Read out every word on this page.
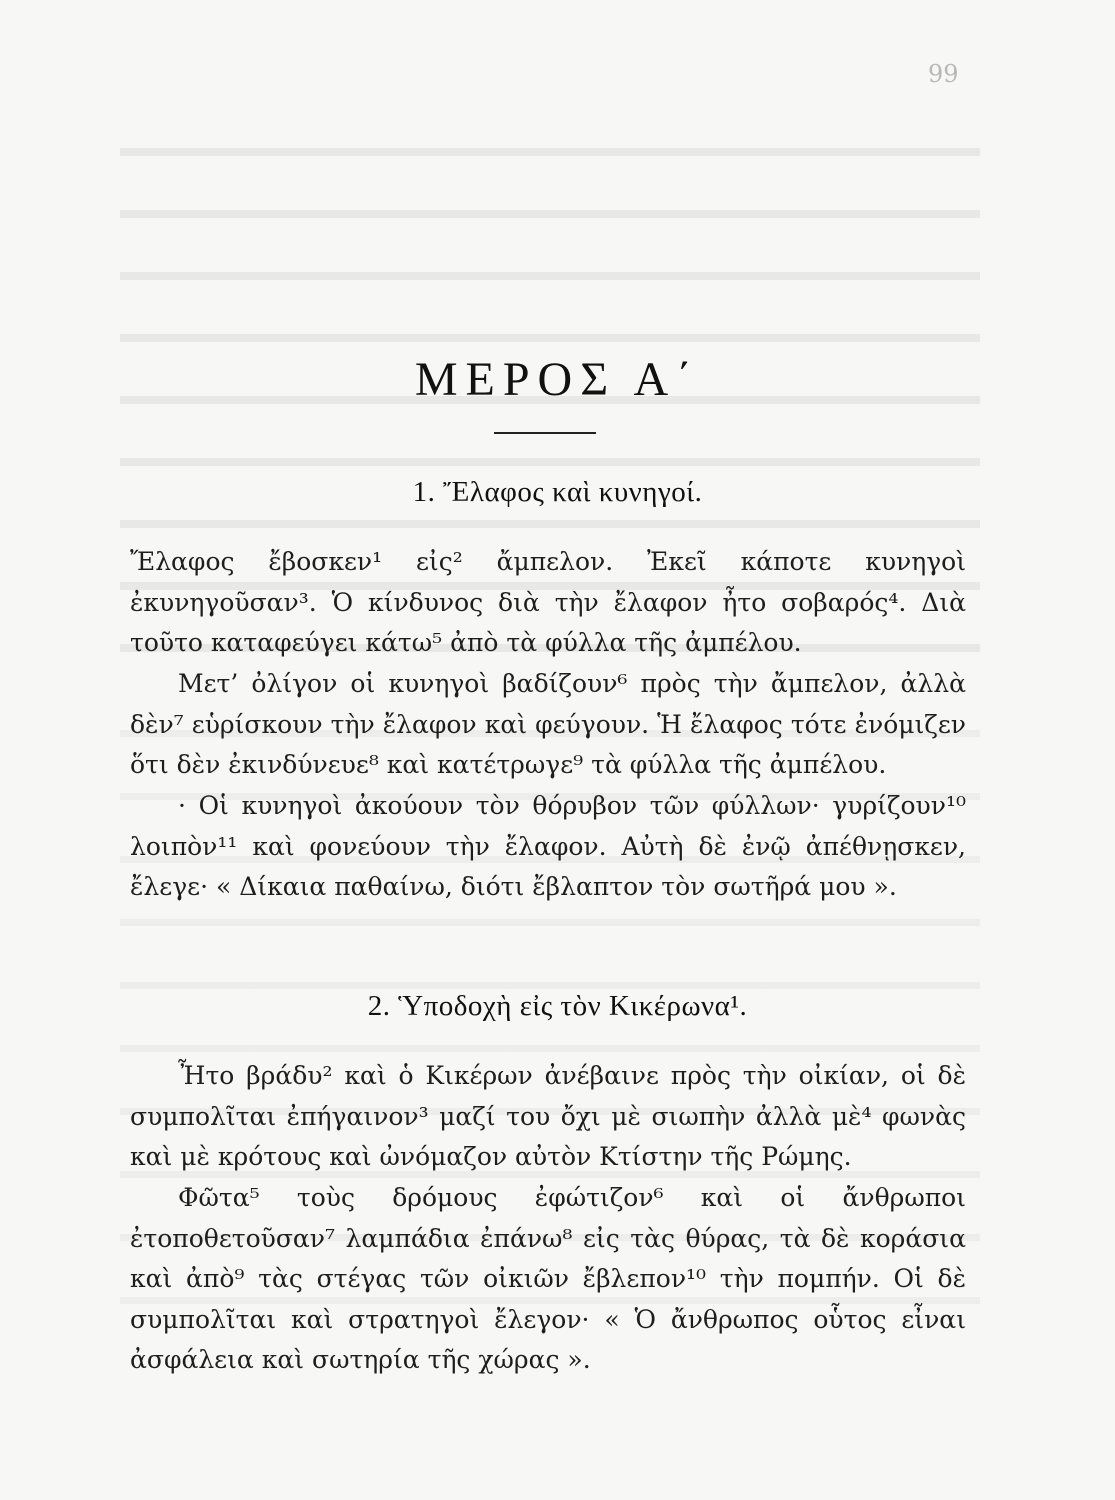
99
ΜΕΡΟΣ Α΄
1. Ἔλαφος καὶ κυνηγοί.

Ἔλαφος ἔβοσκεν¹ εἰς² ἄμπελον. Ἐκεῖ κάποτε κυνηγοὶ ἐκυνηγοῦσαν³. Ὁ κίνδυνος διὰ τὴν ἔλαφον ἦτο σοβαρός⁴. Διὰ τοῦτο καταφεύγει κάτω⁵ ἀπὸ τὰ φύλλα τῆς ἀμπέλου.

Μετ’ ὀλίγον οἱ κυνηγοὶ βαδίζουν⁶ πρὸς τὴν ἄμπελον, ἀλλὰ δὲν⁷ εὑρίσκουν τὴν ἔλαφον καὶ φεύγουν. Ἡ ἔλαφος τότε ἐνόμιζεν ὅτι δὲν ἐκινδύνευε⁸ καὶ κατέτρωγε⁹ τὰ φύλλα τῆς ἀμπέλου.

· Οἱ κυνηγοὶ ἀκούουν τὸν θόρυβον τῶν φύλλων· γυρίζουν¹⁰ λοιπὸν¹¹ καὶ φονεύουν τὴν ἔλαφον. Αὐτὴ δὲ ἐνῷ ἀπέθνῃσκεν, ἔλεγε· « Δίκαια παθαίνω, διότι ἔβλαπτον τὸν σωτῆρά μου ».

2. Ὑποδοχὴ εἰς τὸν Κικέρωνα¹.

Ἦτο βράδυ² καὶ ὁ Κικέρων ἀνέβαινε πρὸς τὴν οἰκίαν, οἱ δὲ συμπολῖται ἐπήγαινον³ μαζί του ὄχι μὲ σιωπὴν ἀλλὰ μὲ⁴ φωνὰς καὶ μὲ κρότους καὶ ὠνόμαζον αὐτὸν Κτίστην τῆς Ρώμης.

Φῶτα⁵ τοὺς δρόμους ἐφώτιζον⁶ καὶ οἱ ἄνθρωποι ἐτοποθετοῦσαν⁷ λαμπάδια ἐπάνω⁸ εἰς τὰς θύρας, τὰ δὲ κοράσια καὶ ἀπὸ⁹ τὰς στέγας τῶν οἰκιῶν ἔβλεπον¹⁰ τὴν πομπήν. Οἱ δὲ συμπολῖται καὶ στρατηγοὶ ἔλεγον· « Ὁ ἄνθρωπος οὗτος εἶναι ἀσφάλεια καὶ σωτηρία τῆς χώρας ».
